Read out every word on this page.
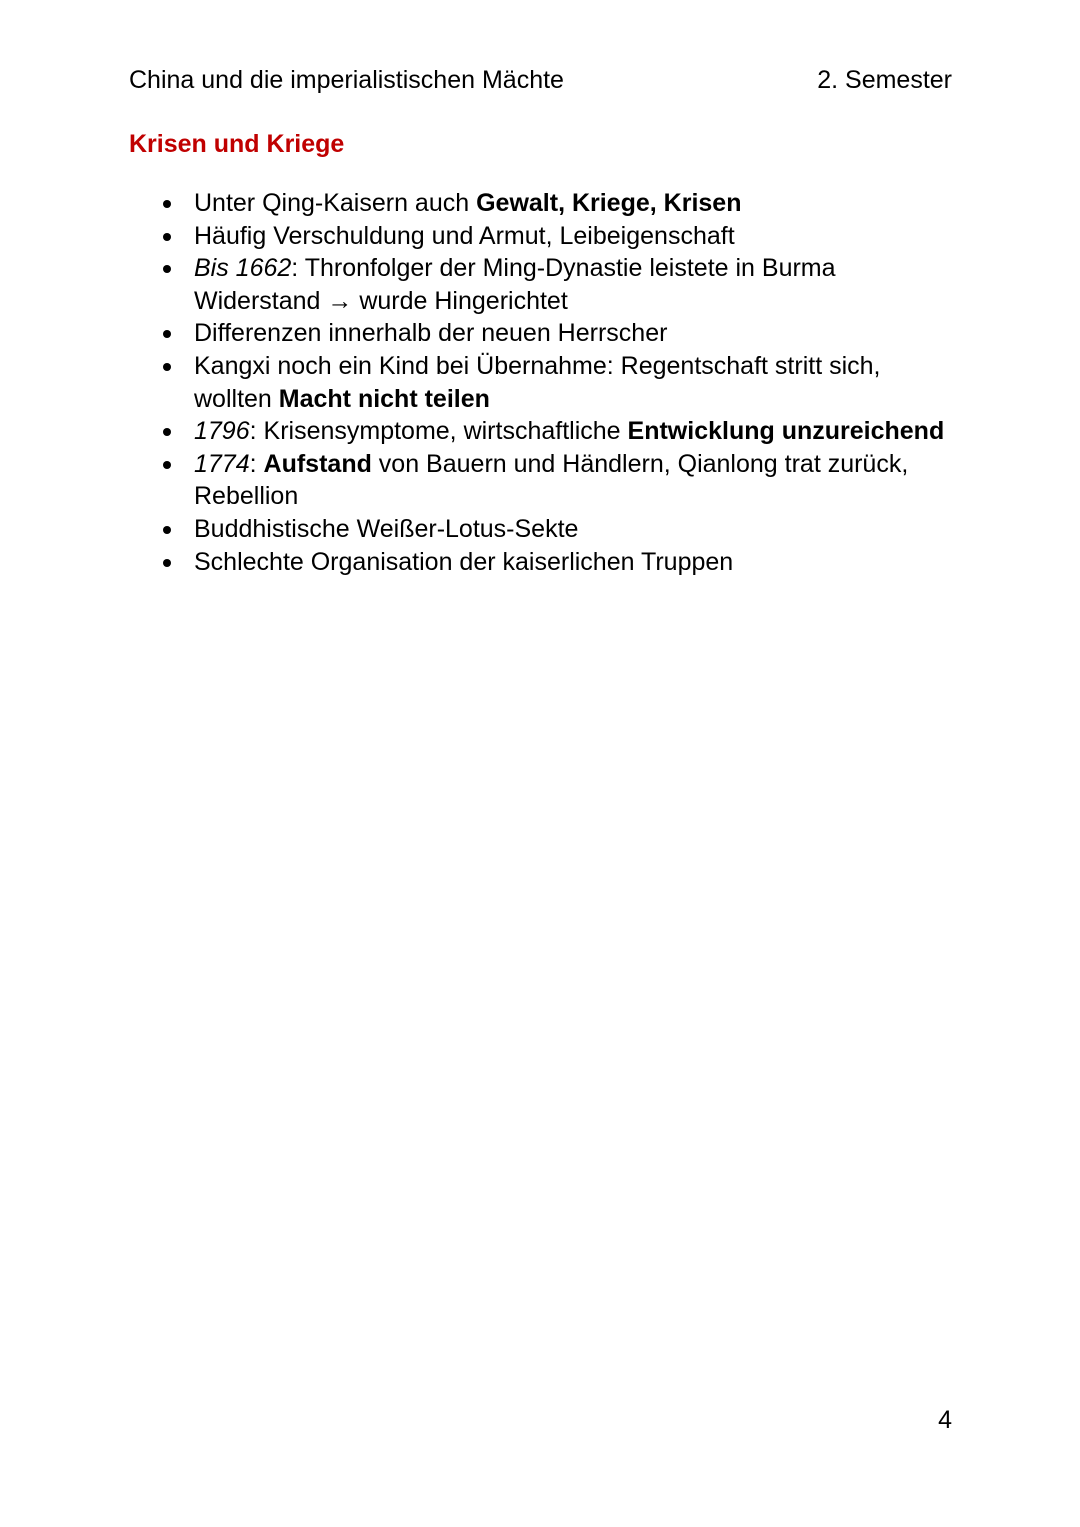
China und die imperialistischen Mächte	2. Semester
Krisen und Kriege
Unter Qing-Kaisern auch Gewalt, Kriege, Krisen
Häufig Verschuldung und Armut, Leibeigenschaft
Bis 1662: Thronfolger der Ming-Dynastie leistete in Burma Widerstand → wurde Hingerichtet
Differenzen innerhalb der neuen Herrscher
Kangxi noch ein Kind bei Übernahme: Regentschaft stritt sich, wollten Macht nicht teilen
1796: Krisensymptome, wirtschaftliche Entwicklung unzureichend
1774: Aufstand von Bauern und Händlern, Qianlong trat zurück, Rebellion
Buddhistische Weißer-Lotus-Sekte
Schlechte Organisation der kaiserlichen Truppen
4
